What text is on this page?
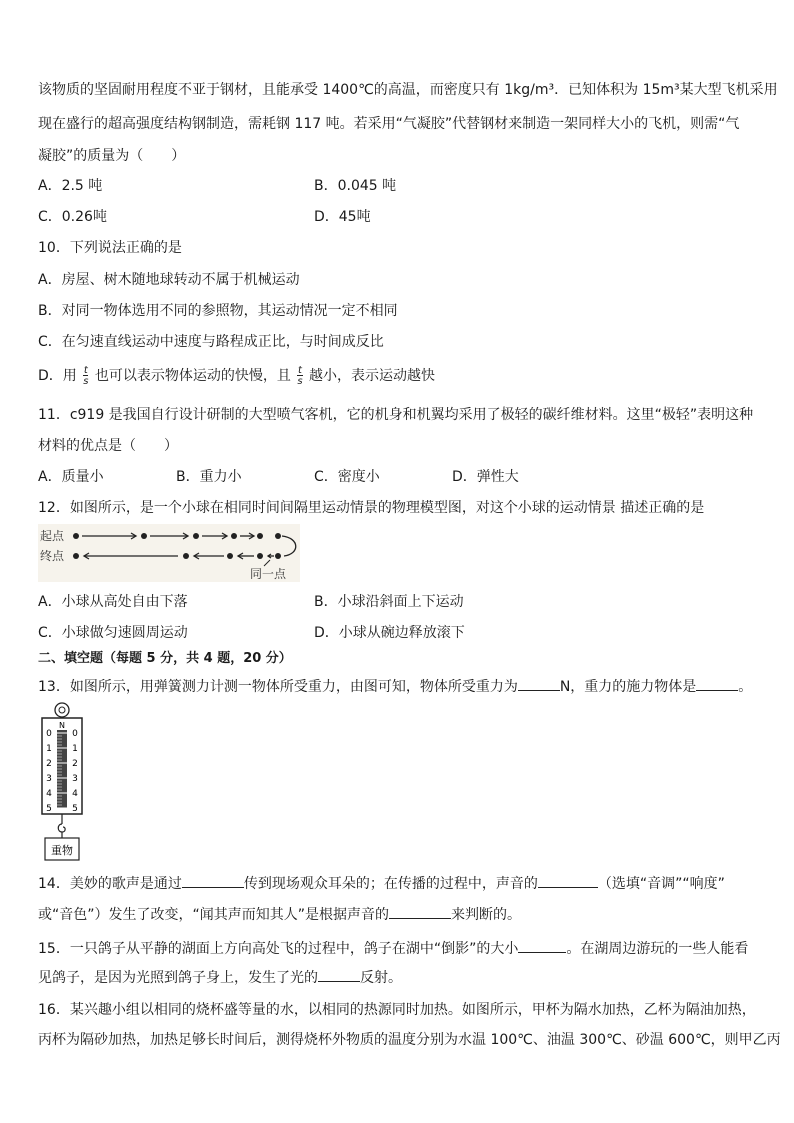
该物质的坚固耐用程度不亚于钢材，且能承受 1400℃的高温，而密度只有 1kg/m³．已知体积为 15m³某大型飞机采用
现在盛行的超高强度结构钢制造，需耗钢 117 吨。若采用“气凝胶”代替钢材来制造一架同样大小的飞机，则需“气
凝胶”的质量为（　　）
A．2.5 吨	B．0.045 吨
C．0.26吨	D．45吨
10．下列说法正确的是
A．房屋、树木随地球转动不属于机械运动
B．对同一物体选用不同的参照物，其运动情况一定不相同
C．在匀速直线运动中速度与路程成正比，与时间成反比
D．用 $\frac{t}{s}$ 也可以表示物体运动的快慢，且 $\frac{t}{s}$ 越小，表示运动越快
11．c919 是我国自行设计研制的大型喷气客机，它的机身和机翼均采用了极轻的碳纤维材料。这里“极轻”表明这种
材料的优点是（　　）
A．质量小	B．重力小	C．密度小	D．弹性大
12．如图所示，是一个小球在相同时间间隔里运动情景的物理模型图，对这个小球的运动情景 描述正确的是
起点
终点
同一点
A．小球从高处自由下落	B．小球沿斜面上下运动
C．小球做匀速圆周运动	D．小球从碗边释放滚下
二、填空题（每题 5 分，共 4 题，20 分）
13．如图所示，用弹簧测力计测一物体所受重力，由图可知，物体所受重力为	N，重力的施力物体是	。
N
0 0
1 1
2 2
3 3
4 4
5 5
重物
14．美妙的歌声是通过	传到现场观众耳朵的；在传播的过程中，声音的	（选填“音调”“响度”
或“音色”）发生了改变，“闻其声而知其人”是根据声音的	来判断的。
15．一只鸽子从平静的湖面上方向高处飞的过程中，鸽子在湖中“倒影”的大小	。在湖周边游玩的一些人能看
见鸽子，是因为光照到鸽子身上，发生了光的	反射。
16．某兴趣小组以相同的烧杯盛等量的水，以相同的热源同时加热。如图所示，甲杯为隔水加热，乙杯为隔油加热，
丙杯为隔砂加热，加热足够长时间后，测得烧杯外物质的温度分别为水温 100℃、油温 300℃、砂温 600℃，则甲乙丙
